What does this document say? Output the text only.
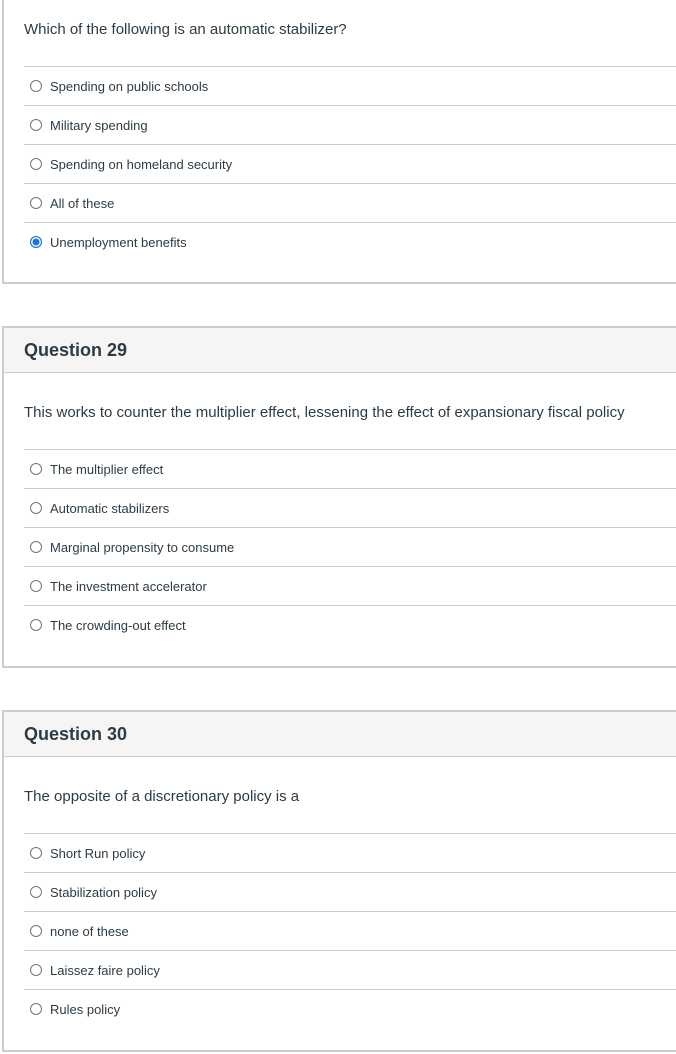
Which of the following is an automatic stabilizer?
Spending on public schools
Military spending
Spending on homeland security
All of these
Unemployment benefits
Question 29
This works to counter the multiplier effect, lessening the effect of expansionary fiscal policy
The multiplier effect
Automatic stabilizers
Marginal propensity to consume
The investment accelerator
The crowding-out effect
Question 30
The opposite of a discretionary policy is a
Short Run policy
Stabilization policy
none of these
Laissez faire policy
Rules policy
